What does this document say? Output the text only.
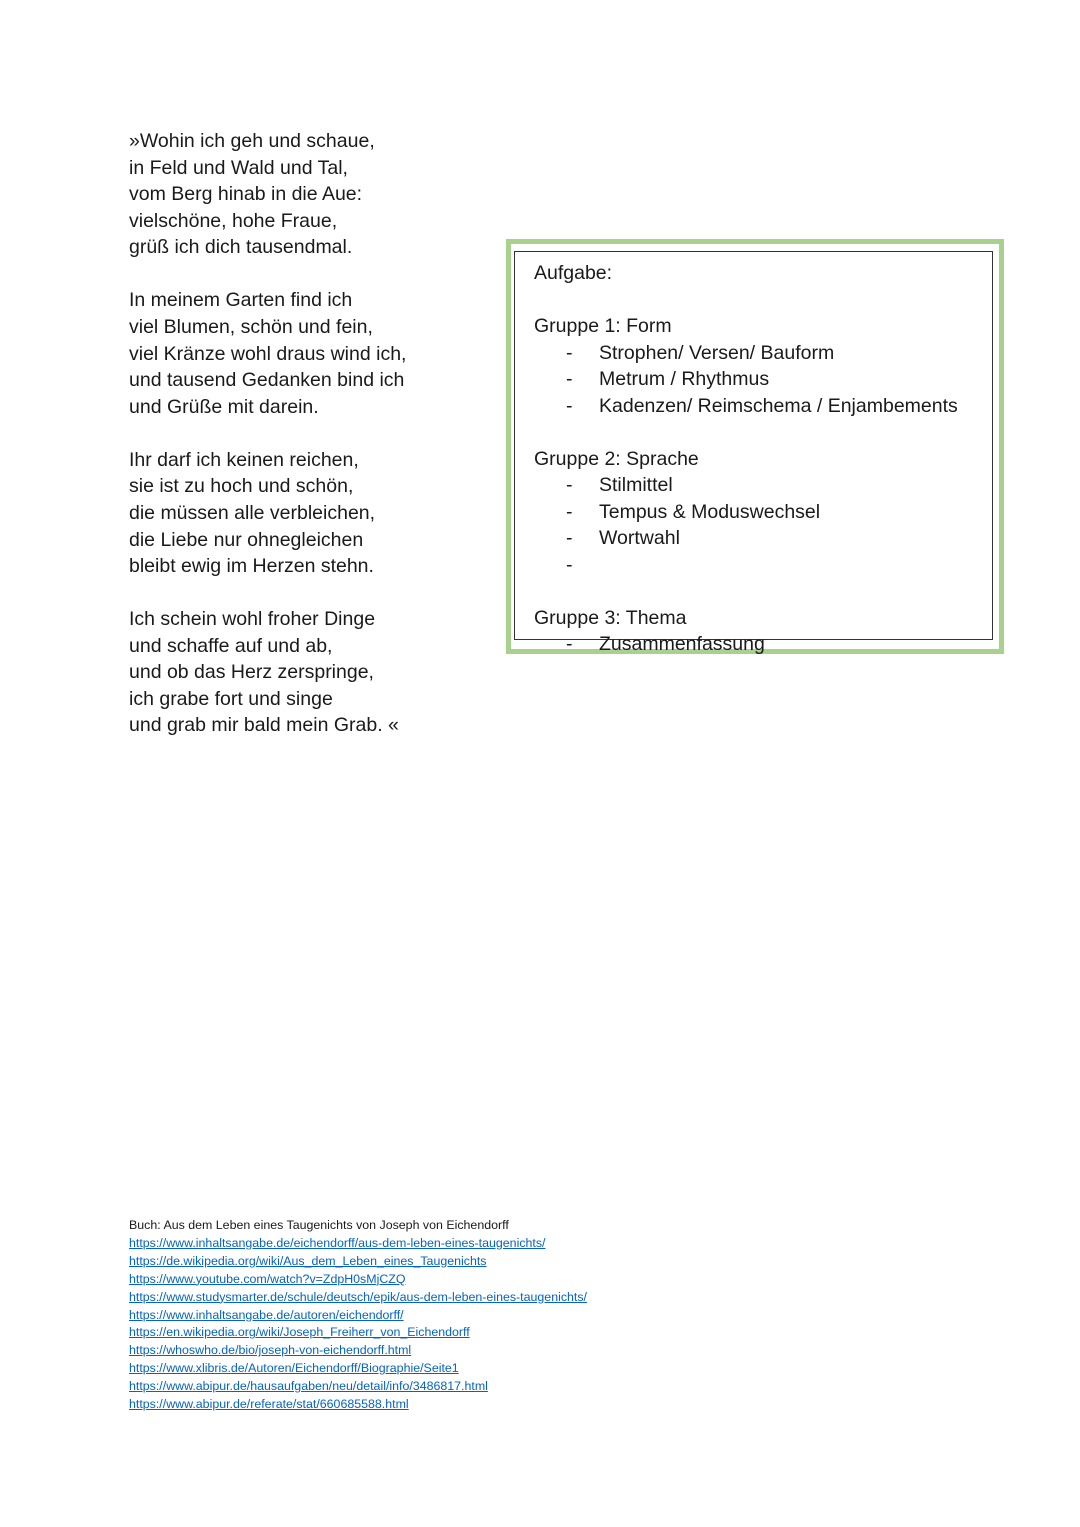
»Wohin ich geh und schaue,
in Feld und Wald und Tal,
vom Berg hinab in die Aue:
vielschöne, hohe Fraue,
grüß ich dich tausendmal.
In meinem Garten find ich
viel Blumen, schön und fein,
viel Kränze wohl draus wind ich,
und tausend Gedanken bind ich
und Grüße mit darein.
Ihr darf ich keinen reichen,
sie ist zu hoch und schön,
die müssen alle verbleichen,
die Liebe nur ohnegleichen
bleibt ewig im Herzen stehn.
Ich schein wohl froher Dinge
und schaffe auf und ab,
und ob das Herz zerspringe,
ich grabe fort und singe
und grab mir bald mein Grab. «
Aufgabe:
Gruppe 1: Form
- Strophen/ Versen/ Bauform
- Metrum / Rhythmus
- Kadenzen/ Reimschema / Enjambements
Gruppe 2: Sprache
- Stilmittel
- Tempus & Moduswechsel
- Wortwahl
-

Gruppe 3: Thema
- Zusammenfassung
Buch: Aus dem Leben eines Taugenichts von Joseph von Eichendorff
https://www.inhaltsangabe.de/eichendorff/aus-dem-leben-eines-taugenichts/
https://de.wikipedia.org/wiki/Aus_dem_Leben_eines_Taugenichts
https://www.youtube.com/watch?v=ZdpH0sMjCZQ
https://www.studysmarter.de/schule/deutsch/epik/aus-dem-leben-eines-taugenichts/
https://www.inhaltsangabe.de/autoren/eichendorff/
https://en.wikipedia.org/wiki/Joseph_Freiherr_von_Eichendorff
https://whoswho.de/bio/joseph-von-eichendorff.html
https://www.xlibris.de/Autoren/Eichendorff/Biographie/Seite1
https://www.abipur.de/hausaufgaben/neu/detail/info/3486817.html
https://www.abipur.de/referate/stat/660685588.html
